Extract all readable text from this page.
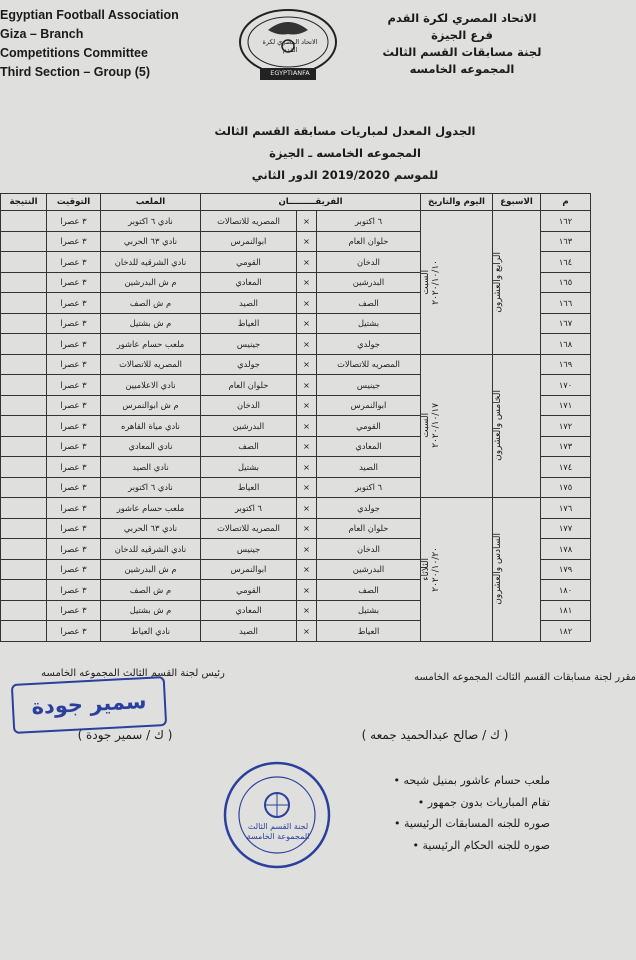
Egyptian Football Association
Giza – Branch
Competitions Committee
Third Section – Group (5)
الاتحاد المصري لكرة القدم
EGYPTIANFA
الاتحاد المصري لكرة القدم
فرع الجيزة
لجنة مسابقات القسم الثالث
المجموعه الخامسه
الجدول المعدل لمباريات مسابقة القسم الثالث
المجموعه الخامسه ـ الجيزة
للموسم 2019/2020 الدور الثاني
النتيجة	التوقيت	الملعب	الفريقـــــــــان			اليوم والتاريخ	الاسبوع	م
	٣ عصرا	نادي ٦ اكتوبر	المصريه للاتصالات	×	٦ اكتوبر	السبت ٢٠٢٠/١٠/١٠	الرابع والعشرون	١٦٢
	٣ عصرا	نادي ٦٣ الحربي	ابوالنمرس	×	حلوان العام			١٦٣
	٣ عصرا	نادي الشرقيه للدخان	القومي	×	الدخان			١٦٤
	٣ عصرا	م ش البدرشين	المعادي	×	البدرشين			١٦٥
	٣ عصرا	م ش الصف	الصيد	×	الصف			١٦٦
	٣ عصرا	م ش بشتيل	العياط	×	بشتيل			١٦٧
	٣ عصرا	ملعب حسام عاشور	جينيس	×	جولدي			١٦٨
	٣ عصرا	المصريه للاتصالات	جولدي	×	المصريه للاتصالات	السبت ٢٠٢٠/١٠/١٧	الخامس والعشرون	١٦٩
	٣ عصرا	نادي الاعلاميين	حلوان العام	×	جينيس			١٧٠
	٣ عصرا	م ش ابوالنمرس	الدخان	×	ابوالنمرس			١٧١
	٣ عصرا	نادي مياة القاهره	البدرشين	×	القومي			١٧٢
	٣ عصرا	نادي المعادي	الصف	×	المعادي			١٧٣
	٣ عصرا	نادي الصيد	بشتيل	×	الصيد			١٧٤
	٣ عصرا	نادي ٦ اكتوبر	العياط	×	٦ اكتوبر			١٧٥
	٣ عصرا	ملعب حسام عاشور	٦ اكتوبر	×	جولدي	الثلاثاء ٢٠٢٠/١٠/٢٠	السادس والعشرون	١٧٦
	٣ عصرا	نادي ٦٣ الحربي	المصريه للاتصالات	×	حلوان العام			١٧٧
	٣ عصرا	نادي الشرقيه للدخان	جينيس	×	الدخان			١٧٨
	٣ عصرا	م ش البدرشين	ابوالنمرس	×	البدرشين			١٧٩
	٣ عصرا	م ش الصف	القومي	×	الصف			١٨٠
	٣ عصرا	م ش بشتيل	المعادي	×	بشتيل			١٨١
	٣ عصرا	نادي العياط	الصيد	×	العياط			١٨٢
رئيس لجنة القسم الثالث المجموعه الخامسه
سمير جودة
( ك / سمير جودة )
مقرر لجنة مسابقات القسم الثالث المجموعه الخامسه
( ك / صالح عبدالحميد جمعه )
لجنة القسم الثالث المجموعة الخامسة
ملعب حسام عاشور بمنيل شيحه •
تقام المباريات بدون جمهور •
صوره للجنه المسابقات الرئيسية •
صوره للجنه الحكام الرئيسية •
